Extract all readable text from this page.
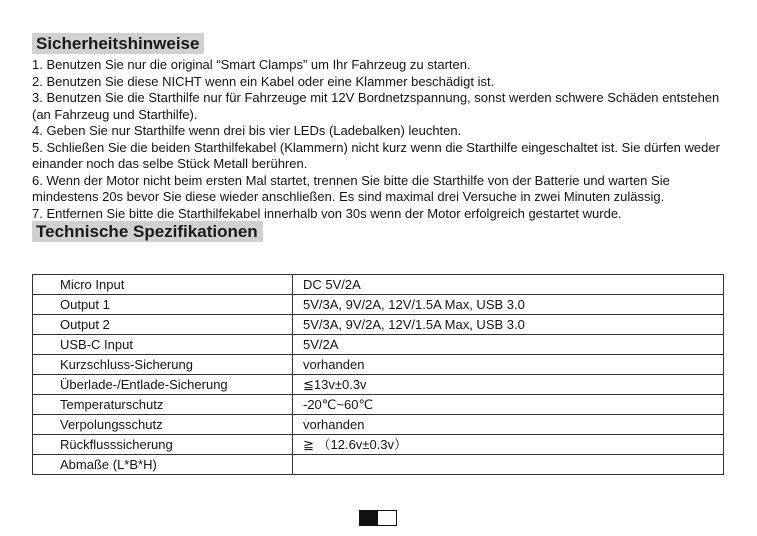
Sicherheitshinweise
1. Benutzen Sie nur die original “Smart Clamps” um Ihr Fahrzeug zu starten.
2. Benutzen Sie diese NICHT wenn ein Kabel oder eine Klammer beschädigt ist.
3. Benutzen Sie die Starthilfe nur für Fahrzeuge mit 12V Bordnetzspannung, sonst werden schwere Schäden entstehen (an Fahrzeug und Starthilfe).
4. Geben Sie nur Starthilfe wenn drei bis vier LEDs (Ladebalken) leuchten.
5. Schließen Sie die beiden Starthilfekabel (Klammern) nicht kurz wenn die Starthilfe eingeschaltet ist. Sie dürfen weder einander noch das selbe Stück Metall berühren.
6. Wenn der Motor nicht beim ersten Mal startet, trennen Sie bitte die Starthilfe von der Batterie und warten Sie mindestens 20s bevor Sie diese wieder anschließen. Es sind maximal drei Versuche in zwei Minuten zulässig.
7. Entfernen Sie bitte die Starthilfekabel innerhalb von 30s wenn der Motor erfolgreich gestartet wurde.
Technische Spezifikationen
Micro Input	DC 5V/2A
Output 1	5V/3A, 9V/2A, 12V/1.5A Max, USB 3.0
Output 2	5V/3A, 9V/2A, 12V/1.5A Max, USB 3.0
USB-C Input	5V/2A
Kurzschluss-Sicherung	vorhanden
Überlade-/Entlade-Sicherung	≦13v±0.3v
Temperaturschutz	-20℃~60℃
Verpolungsschutz	vorhanden
Rückflusssicherung	≧ （12.6v±0.3v）
Abmaße (L*B*H)	
